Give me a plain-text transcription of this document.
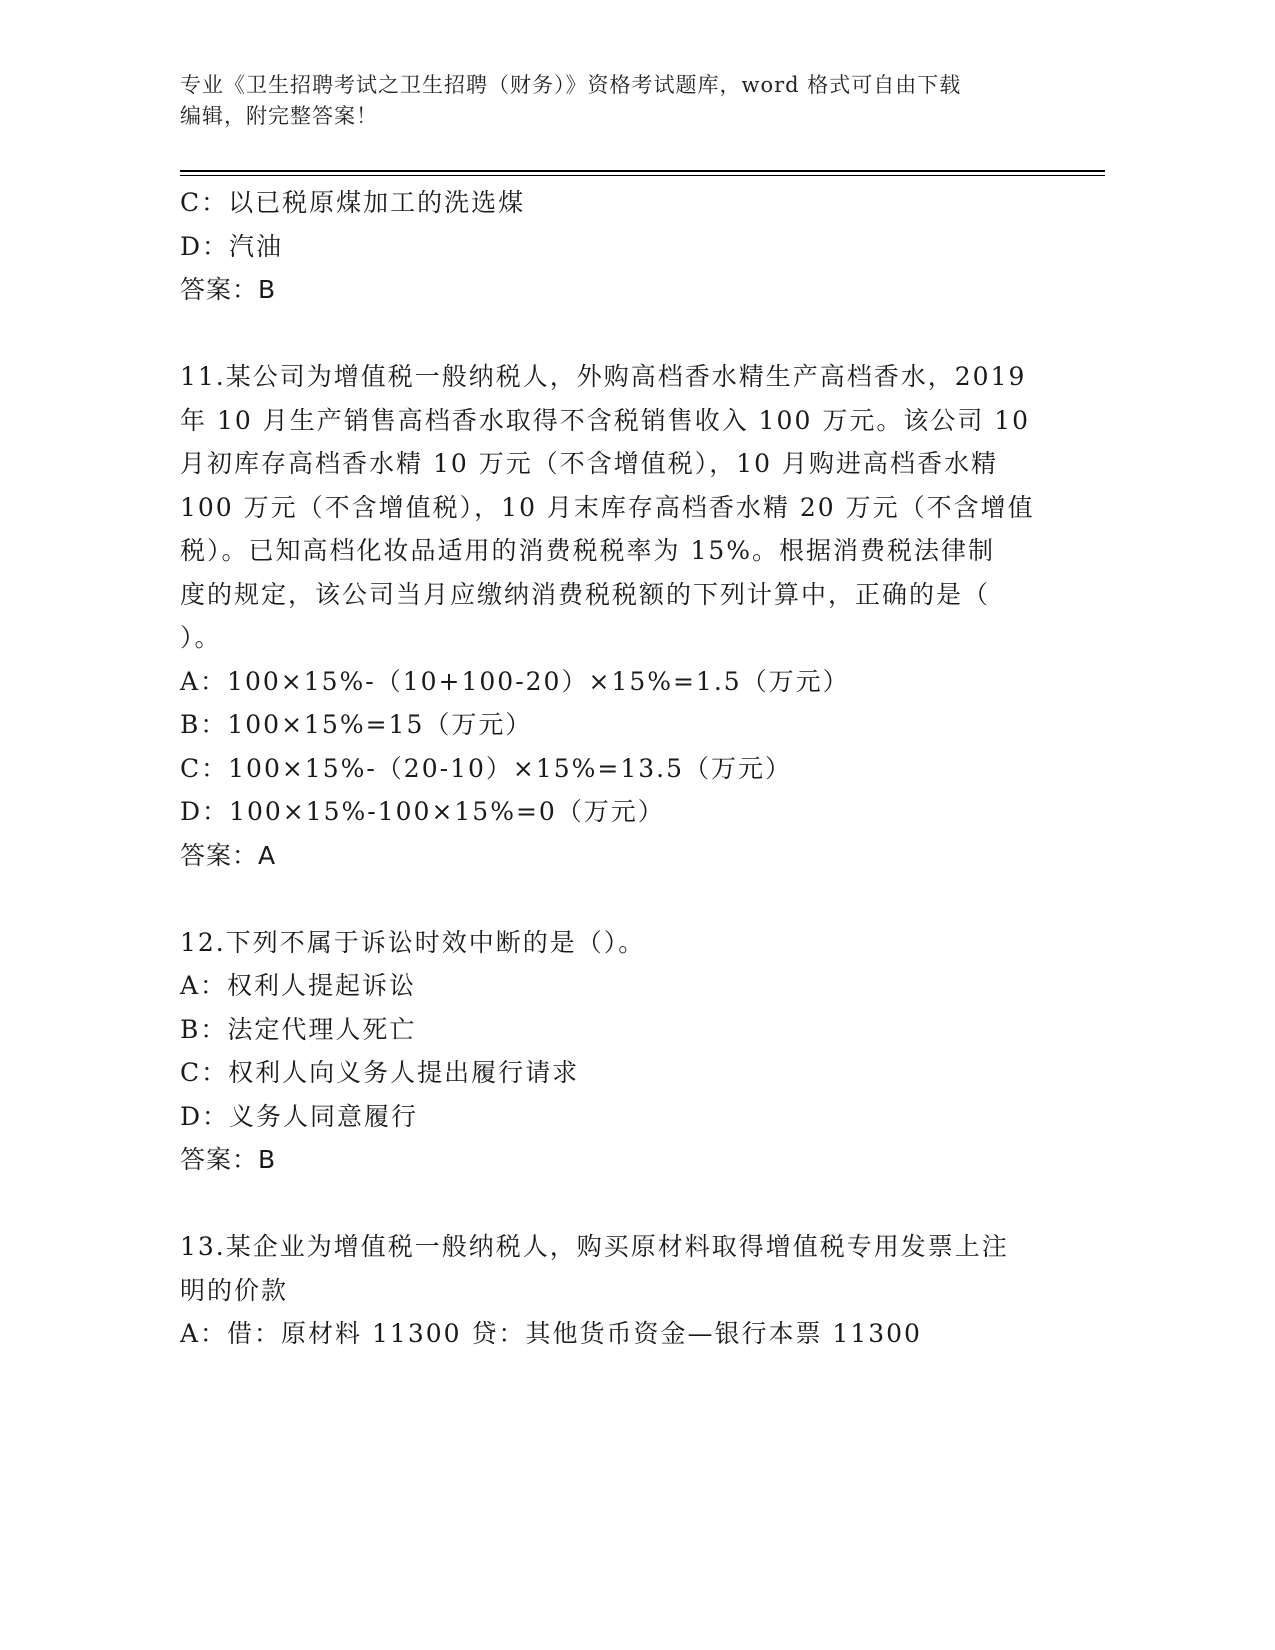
专业《卫生招聘考试之卫生招聘（财务）》资格考试题库，word 格式可自由下载
编辑，附完整答案！
C：以已税原煤加工的洗选煤
D：汽油
答案：B
11.某公司为增值税一般纳税人，外购高档香水精生产高档香水，2019
年 10 月生产销售高档香水取得不含税销售收入 100 万元。该公司 10
月初库存高档香水精 10 万元（不含增值税），10 月购进高档香水精
100 万元（不含增值税），10 月末库存高档香水精 20 万元（不含增值
税）。已知高档化妆品适用的消费税税率为 15%。根据消费税法律制
度的规定，该公司当月应缴纳消费税税额的下列计算中，正确的是（
）。
A：100×15%-（10+100-20）×15%=1.5（万元）
B：100×15%=15（万元）
C：100×15%-（20-10）×15%=13.5（万元）
D：100×15%-100×15%=0（万元）
答案：A
12.下列不属于诉讼时效中断的是（）。
A：权利人提起诉讼
B：法定代理人死亡
C：权利人向义务人提出履行请求
D：义务人同意履行
答案：B
13.某企业为增值税一般纳税人，购买原材料取得增值税专用发票上注
明的价款
A：借：原材料 11300 贷：其他货币资金—银行本票 11300
